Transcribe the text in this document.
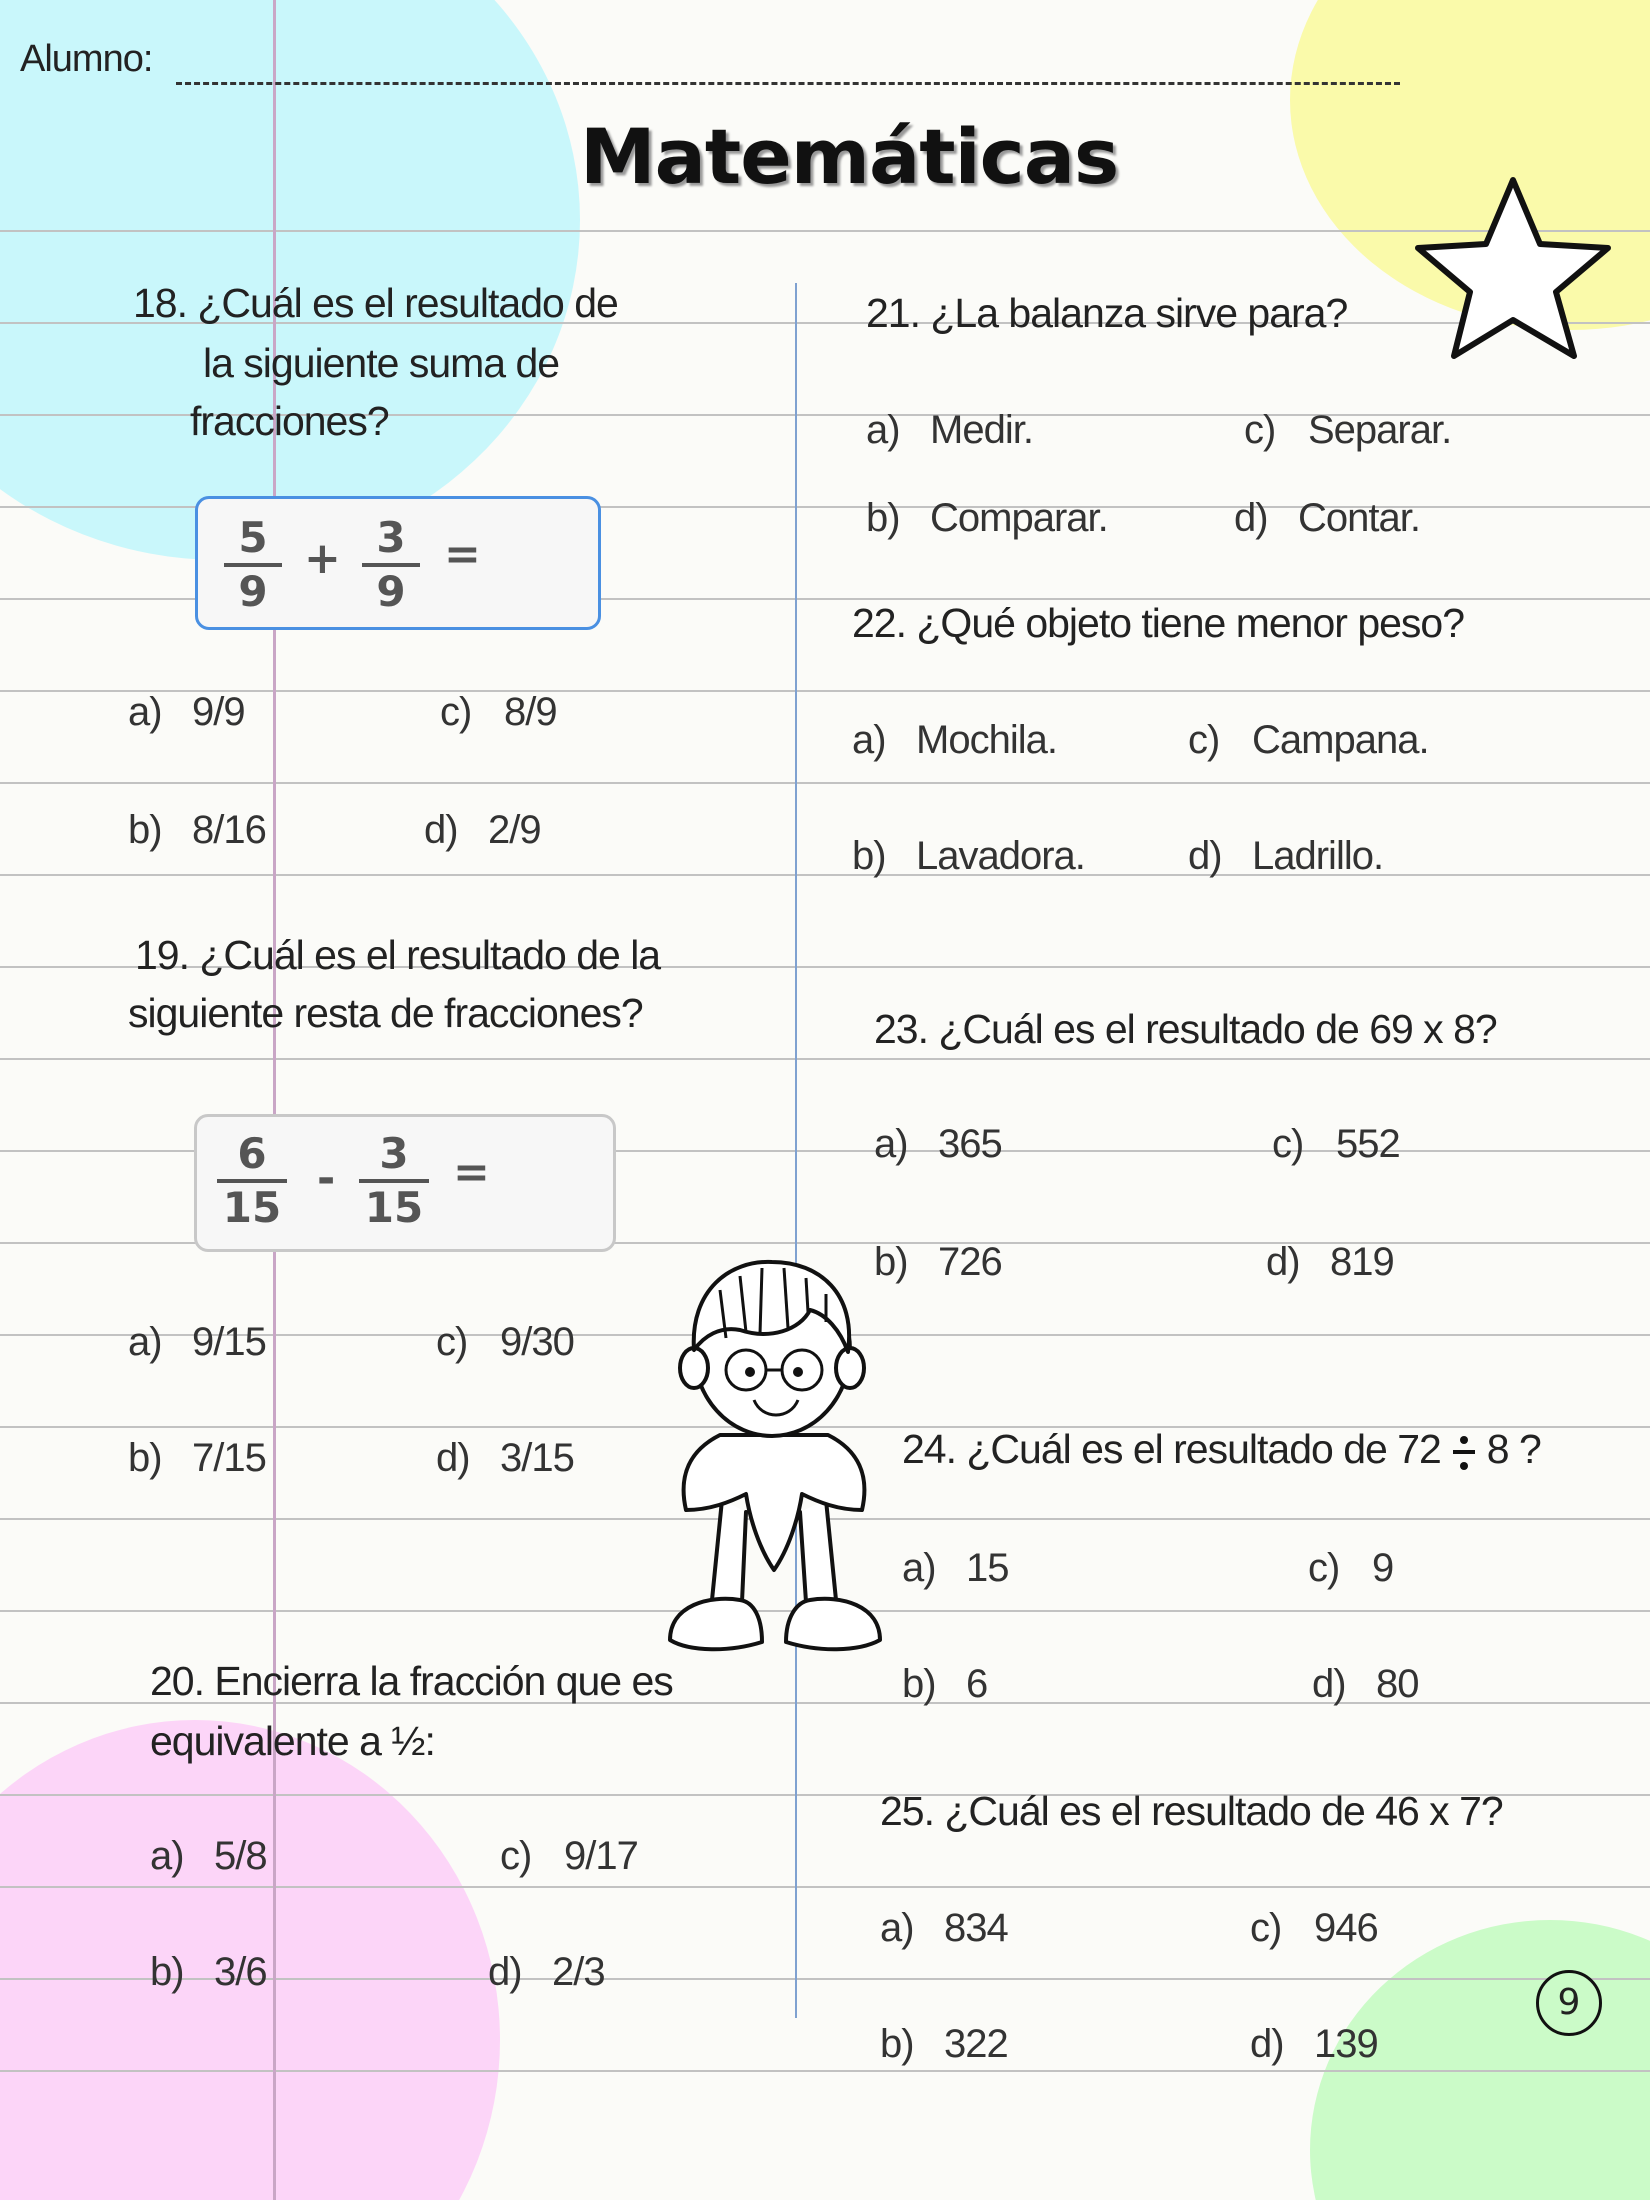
Alumno:
Matemáticas
18. ¿Cuál es el resultado de
la siguiente suma de
fracciones?
5
9
+ 3
9
=
a) 9/9	c) 8/9
b) 8/16	d) 2/9
19. ¿Cuál es el resultado de la
siguiente resta de fracciones?
6
15
- 3
15
=
a) 9/15	c) 9/30
b) 7/15	d) 3/15
20. Encierra la fracción que es
equivalente a ½:
a) 5/8	c) 9/17
b) 3/6	d) 2/3
21. ¿La balanza sirve para?
a) Medir.	c) Separar.
b) Comparar.	d) Contar.
22. ¿Qué objeto tiene menor peso?
a) Mochila.	c) Campana.
b) Lavadora.	d) Ladrillo.
23. ¿Cuál es el resultado de 69 x 8?
a) 365	c) 552
b) 726	d) 819
24. ¿Cuál es el resultado de 72 8 ?
a) 15	c) 9
b) 6	d) 80
25. ¿Cuál es el resultado de 46 x 7?
a) 834	c) 946
b) 322	d) 139
9
